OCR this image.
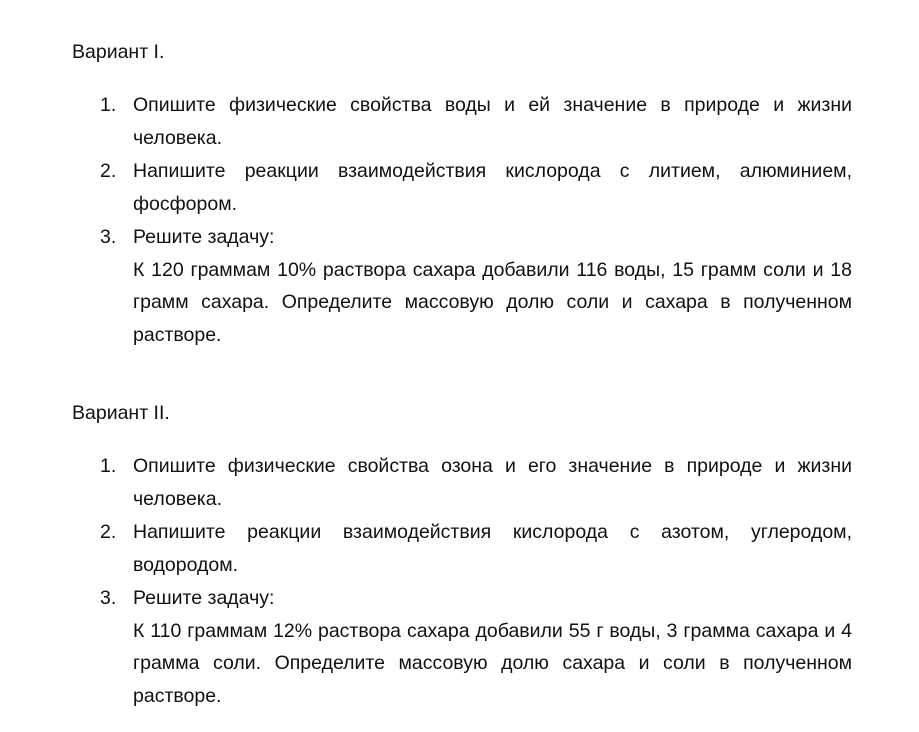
Вариант I.
1. Опишите физические свойства воды и ей значение в природе и жизни человека.
2. Напишите реакции взаимодействия кислорода с литием, алюминием, фосфором.
3. Решите задачу:
К 120 граммам 10% раствора сахара добавили 116 воды, 15 грамм соли и 18 грамм сахара. Определите массовую долю соли и сахара в полученном растворе.
Вариант II.
1. Опишите физические свойства озона и его значение в природе и жизни человека.
2. Напишите реакции взаимодействия кислорода с азотом, углеродом, водородом.
3. Решите задачу:
К 110 граммам 12% раствора сахара добавили 55 г воды, 3 грамма сахара и 4 грамма соли. Определите массовую долю сахара и соли в полученном растворе.
